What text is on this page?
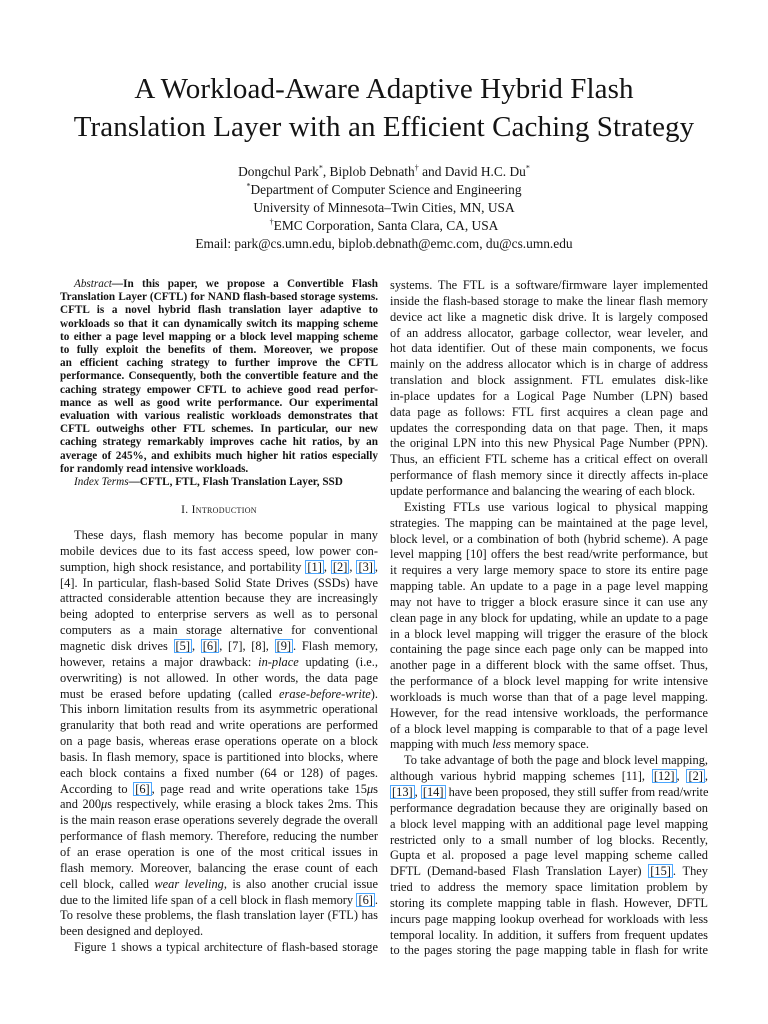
A Workload-Aware Adaptive Hybrid Flash
Translation Layer with an Efficient Caching Strategy
Dongchul Park*, Biplob Debnath† and David H.C. Du*
*Department of Computer Science and Engineering
University of Minnesota–Twin Cities, MN, USA
†EMC Corporation, Santa Clara, CA, USA
Email: park@cs.umn.edu, biplob.debnath@emc.com, du@cs.umn.edu

Abstract—In this paper, we propose a Convertible Flash
Translation Layer (CFTL) for NAND flash-based storage systems.
CFTL is a novel hybrid flash translation layer adaptive to
workloads so that it can dynamically switch its mapping scheme
to either a page level mapping or a block level mapping scheme
to fully exploit the benefits of them. Moreover, we propose
an efficient caching strategy to further improve the CFTL
performance. Consequently, both the convertible feature and the
caching strategy empower CFTL to achieve good read perfor-
mance as well as good write performance. Our experimental
evaluation with various realistic workloads demonstrates that
CFTL outweighs other FTL schemes. In particular, our new
caching strategy remarkably improves cache hit ratios, by an
average of 245%, and exhibits much higher hit ratios especially
for randomly read intensive workloads.
Index Terms—CFTL, FTL, Flash Translation Layer, SSD

I. Introduction

These days, flash memory has become popular in many
mobile devices due to its fast access speed, low power con-
sumption, high shock resistance, and portability [1] , [2] , [3] ,
[4]. In particular, flash-based Solid State Drives (SSDs) have
attracted considerable attention because they are increasingly
being adopted to enterprise servers as well as to personal
computers as a main storage alternative for conventional
magnetic disk drives [5] , [6] , [7], [8], [9] . Flash memory,
however, retains a major drawback: in-place updating (i.e.,
overwriting) is not allowed. In other words, the data page
must be erased before updating (called erase-before-write).
This inborn limitation results from its asymmetric operational
granularity that both read and write operations are performed
on a page basis, whereas erase operations operate on a block
basis. In flash memory, space is partitioned into blocks, where
each block contains a fixed number (64 or 128) of pages.
According to [6] , page read and write operations take 15μs
and 200μs respectively, while erasing a block takes 2ms. This
is the main reason erase operations severely degrade the overall
performance of flash memory. Therefore, reducing the number
of an erase operation is one of the most critical issues in
flash memory. Moreover, balancing the erase count of each
cell block, called wear leveling, is also another crucial issue
due to the limited life span of a cell block in flash memory [6] .
To resolve these problems, the flash translation layer (FTL) has
been designed and deployed.

Figure 1 shows a typical architecture of flash-based storage

systems. The FTL is a software/firmware layer implemented
inside the flash-based storage to make the linear flash memory
device act like a magnetic disk drive. It is largely composed
of an address allocator, garbage collector, wear leveler, and
hot data identifier. Out of these main components, we focus
mainly on the address allocator which is in charge of address
translation and block assignment. FTL emulates disk-like
in-place updates for a Logical Page Number (LPN) based
data page as follows: FTL first acquires a clean page and
updates the corresponding data on that page. Then, it maps
the original LPN into this new Physical Page Number (PPN).
Thus, an efficient FTL scheme has a critical effect on overall
performance of flash memory since it directly affects in-place
update performance and balancing the wearing of each block.

Existing FTLs use various logical to physical mapping
strategies. The mapping can be maintained at the page level,
block level, or a combination of both (hybrid scheme). A page
level mapping [10] offers the best read/write performance, but
it requires a very large memory space to store its entire page
mapping table. An update to a page in a page level mapping
may not have to trigger a block erasure since it can use any
clean page in any block for updating, while an update to a page
in a block level mapping will trigger the erasure of the block
containing the page since each page only can be mapped into
another page in a different block with the same offset. Thus,
the performance of a block level mapping for write intensive
workloads is much worse than that of a page level mapping.
However, for the read intensive workloads, the performance
of a block level mapping is comparable to that of a page level
mapping with much less memory space.

To take advantage of both the page and block level mapping,
although various hybrid mapping schemes [11], [12] , [2] ,
[13] , [14] have been proposed, they still suffer from read/write
performance degradation because they are originally based on
a block level mapping with an additional page level mapping
restricted only to a small number of log blocks. Recently,
Gupta et al. proposed a page level mapping scheme called
DFTL (Demand-based Flash Translation Layer) [15] . They
tried to address the memory space limitation problem by
storing its complete mapping table in flash. However, DFTL
incurs page mapping lookup overhead for workloads with less
temporal locality. In addition, it suffers from frequent updates
to the pages storing the page mapping table in flash for write
